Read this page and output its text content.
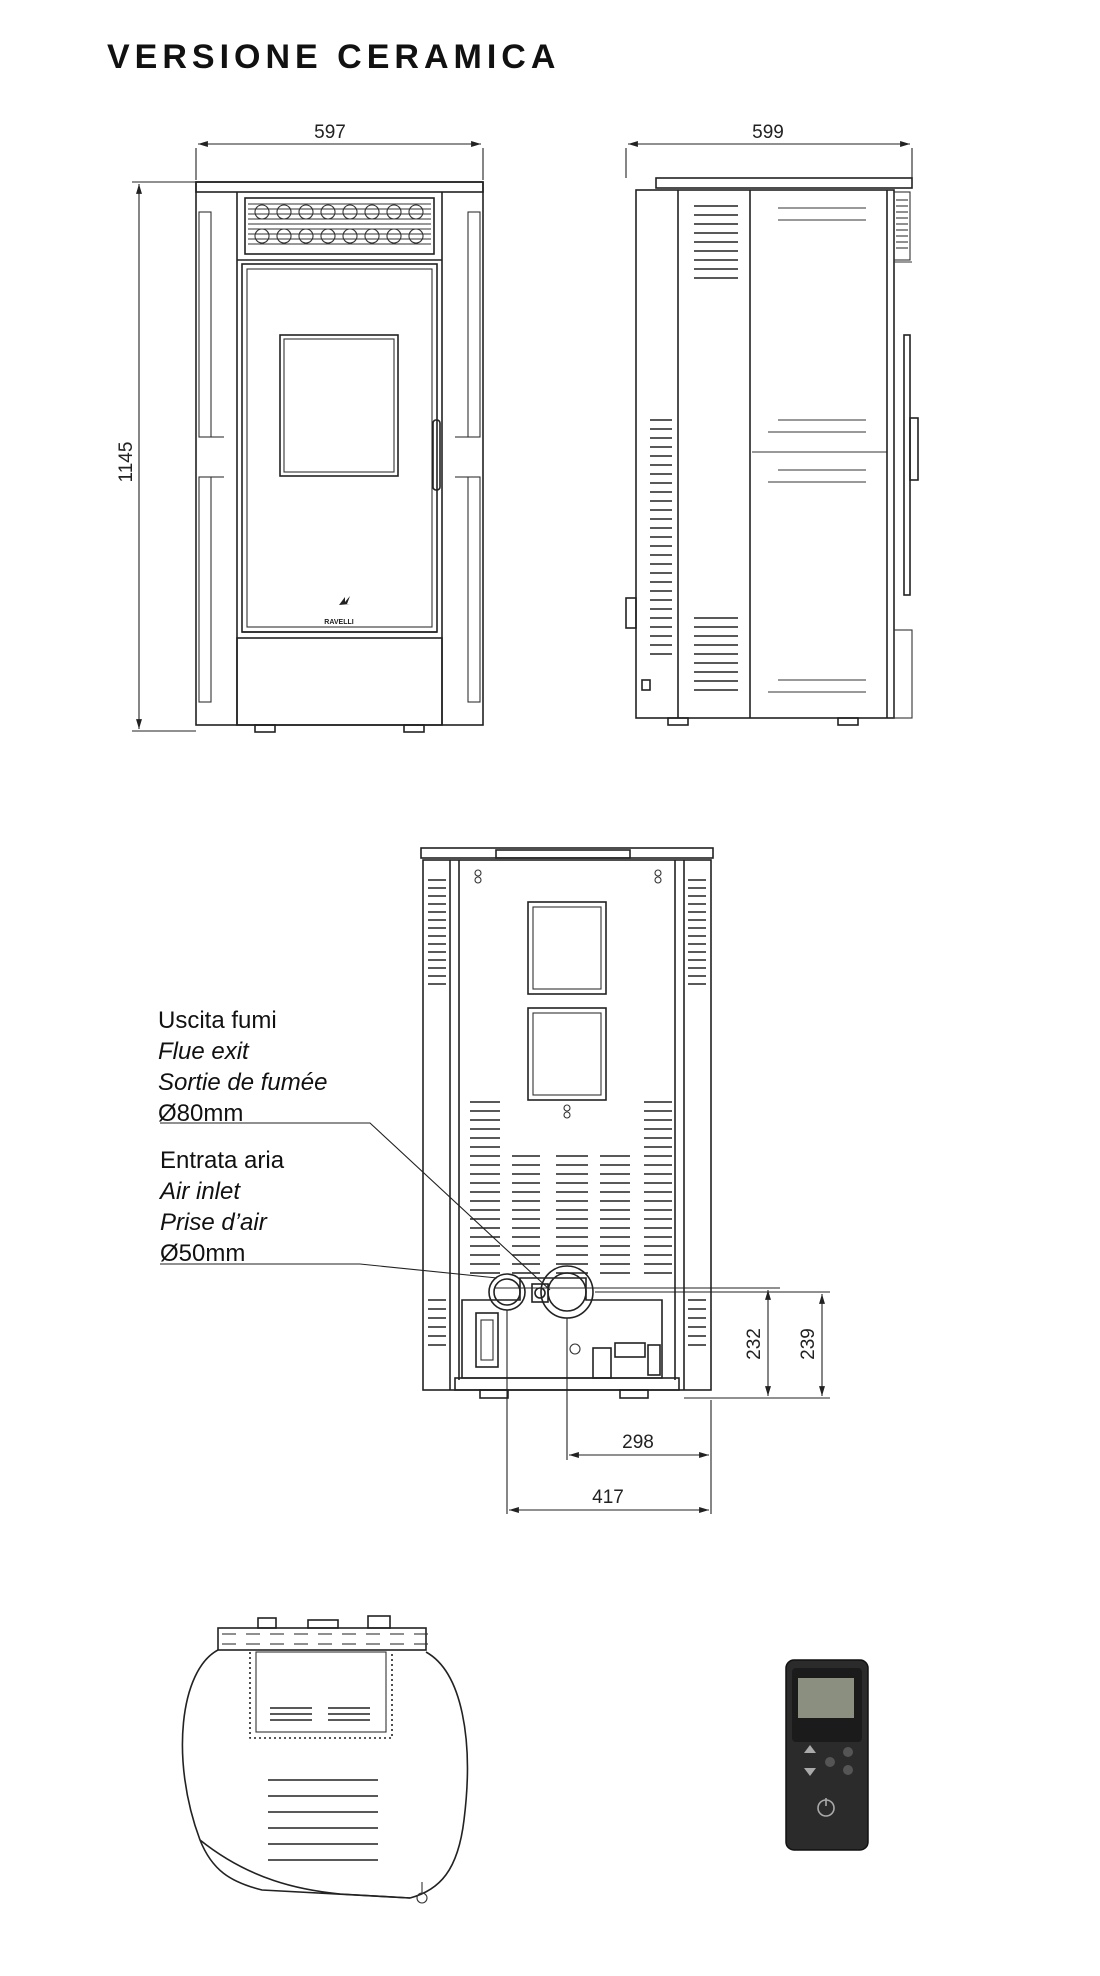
VERSIONE CERAMICA
597
1145
RAVELLI
599
232 239
298
417
Uscita fumi
Flue exit
Sortie de fumée
Ø80mm
Entrata aria
Air inlet
Prise d’air
Ø50mm
